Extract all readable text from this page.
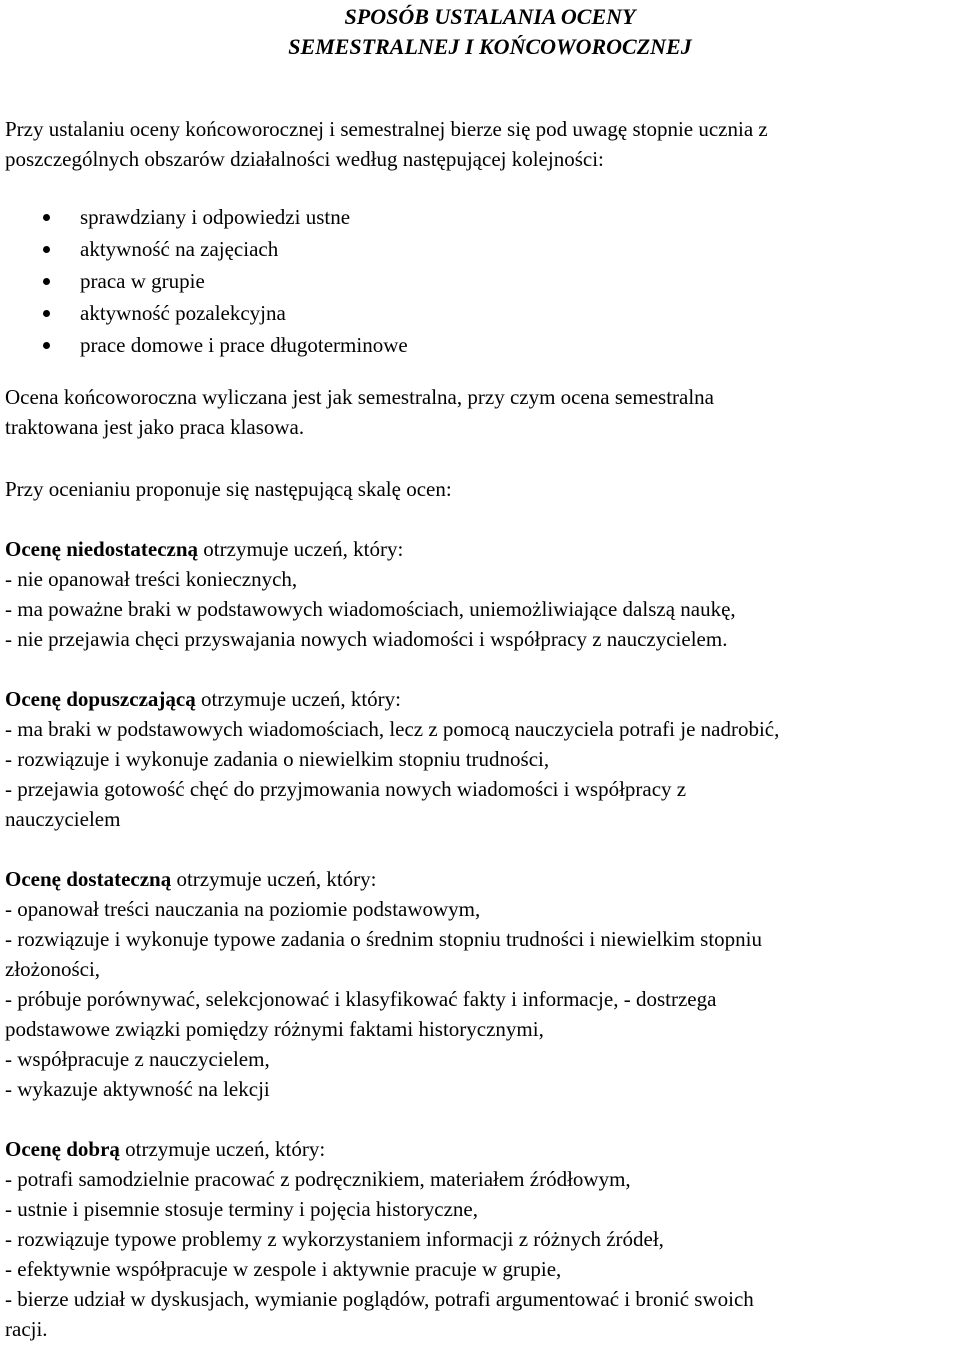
SPOSÓB USTALANIA OCENY
SEMESTRALNEJ I KOŃCOWOROCZNEJ

Przy ustalaniu oceny końcoworocznej i semestralnej bierze się pod uwagę stopnie ucznia z
poszczególnych obszarów działalności według następującej kolejności:

sprawdziany i odpowiedzi ustne
aktywność na zajęciach
praca w grupie
aktywność pozalekcyjna
prace domowe i prace długoterminowe

Ocena końcoworoczna wyliczana jest jak semestralna, przy czym ocena semestralna
traktowana jest jako praca klasowa.

Przy ocenianiu proponuje się następującą skalę ocen:

Ocenę niedostateczną otrzymuje uczeń, który:
- nie opanował treści koniecznych,
- ma poważne braki w podstawowych wiadomościach, uniemożliwiające dalszą naukę,
- nie przejawia chęci przyswajania nowych wiadomości i współpracy z nauczycielem.
Ocenę dopuszczającą otrzymuje uczeń, który:
- ma braki w podstawowych wiadomościach, lecz z pomocą nauczyciela potrafi je nadrobić,
- rozwiązuje i wykonuje zadania o niewielkim stopniu trudności,
- przejawia gotowość chęć do przyjmowania nowych wiadomości i współpracy z
nauczycielem
Ocenę dostateczną otrzymuje uczeń, który:
- opanował treści nauczania na poziomie podstawowym,
- rozwiązuje i wykonuje typowe zadania o średnim stopniu trudności i niewielkim stopniu
złożoności,
- próbuje porównywać, selekcjonować i klasyfikować fakty i informacje, - dostrzega
podstawowe związki pomiędzy różnymi faktami historycznymi,
- współpracuje z nauczycielem,
- wykazuje aktywność na lekcji
Ocenę dobrą otrzymuje uczeń, który:
- potrafi samodzielnie pracować z podręcznikiem, materiałem źródłowym,
- ustnie i pisemnie stosuje terminy i pojęcia historyczne,
- rozwiązuje typowe problemy z wykorzystaniem informacji z różnych źródeł,
- efektywnie współpracuje w zespole i aktywnie pracuje w grupie,
- bierze udział w dyskusjach, wymianie poglądów, potrafi argumentować i bronić swoich
racji.
